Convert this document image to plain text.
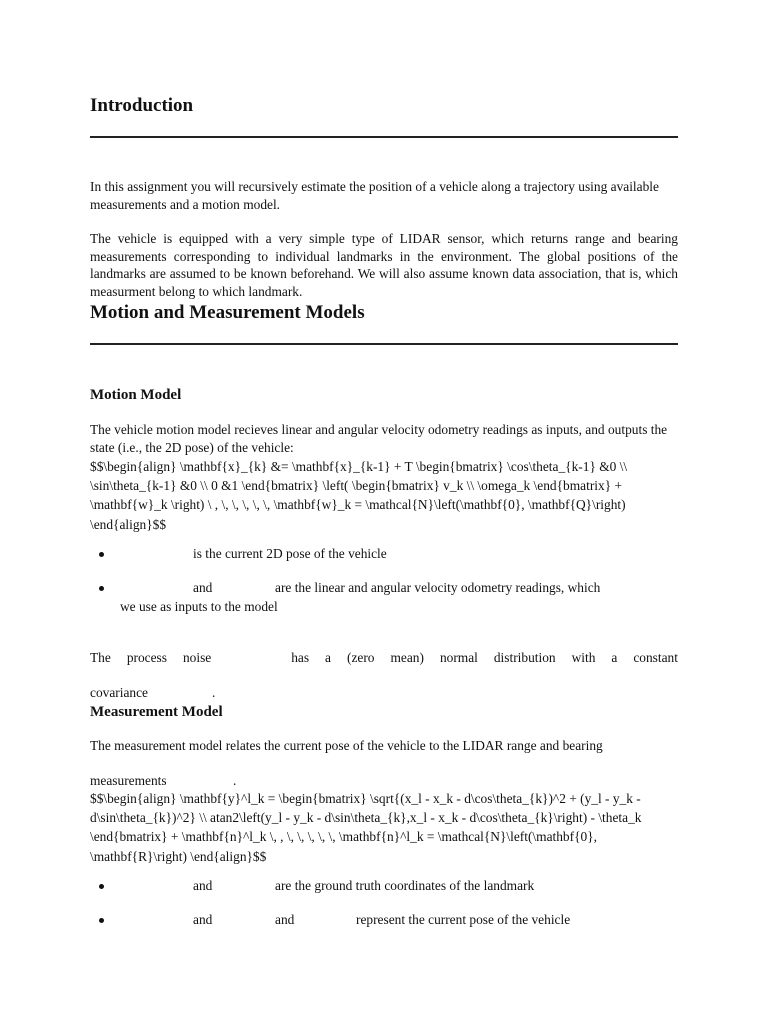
Introduction

In this assignment you will recursively estimate the position of a vehicle along a trajectory using available measurements and a motion model.

The vehicle is equipped with a very simple type of LIDAR sensor, which returns range and bearing measurements corresponding to individual landmarks in the environment. The global positions of the landmarks are assumed to be known beforehand. We will also assume known data association, that is, which measurment belong to which landmark.

Motion and Measurement Models
Motion Model

The vehicle motion model recieves linear and angular velocity odometry readings as inputs, and outputs the state (i.e., the 2D pose) of the vehicle:

$$\begin{align} \mathbf{x}_{k} &= \mathbf{x}_{k-1} + T \begin{bmatrix} \cos\theta_{k-1} &0 \\ \sin\theta_{k-1} &0 \\ 0 &1 \end{bmatrix} \left( \begin{bmatrix} v_k \\ \omega_k \end{bmatrix} + \mathbf{w}_k \right) \ , \, \, \, \, \, \mathbf{w}_k = \mathcal{N}\left(\mathbf{0}, \mathbf{Q}\right) \end{align}$$

is the current 2D pose of the vehicle
and	are the linear and angular velocity odometry readings, which
we use as inputs to the model
The process noise	has a (zero mean) normal distribution with a constant
covariance	.
Measurement Model
The measurement model relates the current pose of the vehicle to the LIDAR range and bearing
measurements	.

$$\begin{align} \mathbf{y}^l_k = \begin{bmatrix} \sqrt{(x_l - x_k - d\cos\theta_{k})^2 + (y_l - y_k - d\sin\theta_{k})^2} \\ atan2\left(y_l - y_k - d\sin\theta_{k},x_l - x_k - d\cos\theta_{k}\right) - \theta_k \end{bmatrix} + \mathbf{n}^l_k \, , \, \, \, \, \, \mathbf{n}^l_k = \mathcal{N}\left(\mathbf{0}, \mathbf{R}\right) \end{align}$$

and	are the ground truth coordinates of the landmark
and	and	represent the current pose of the vehicle
